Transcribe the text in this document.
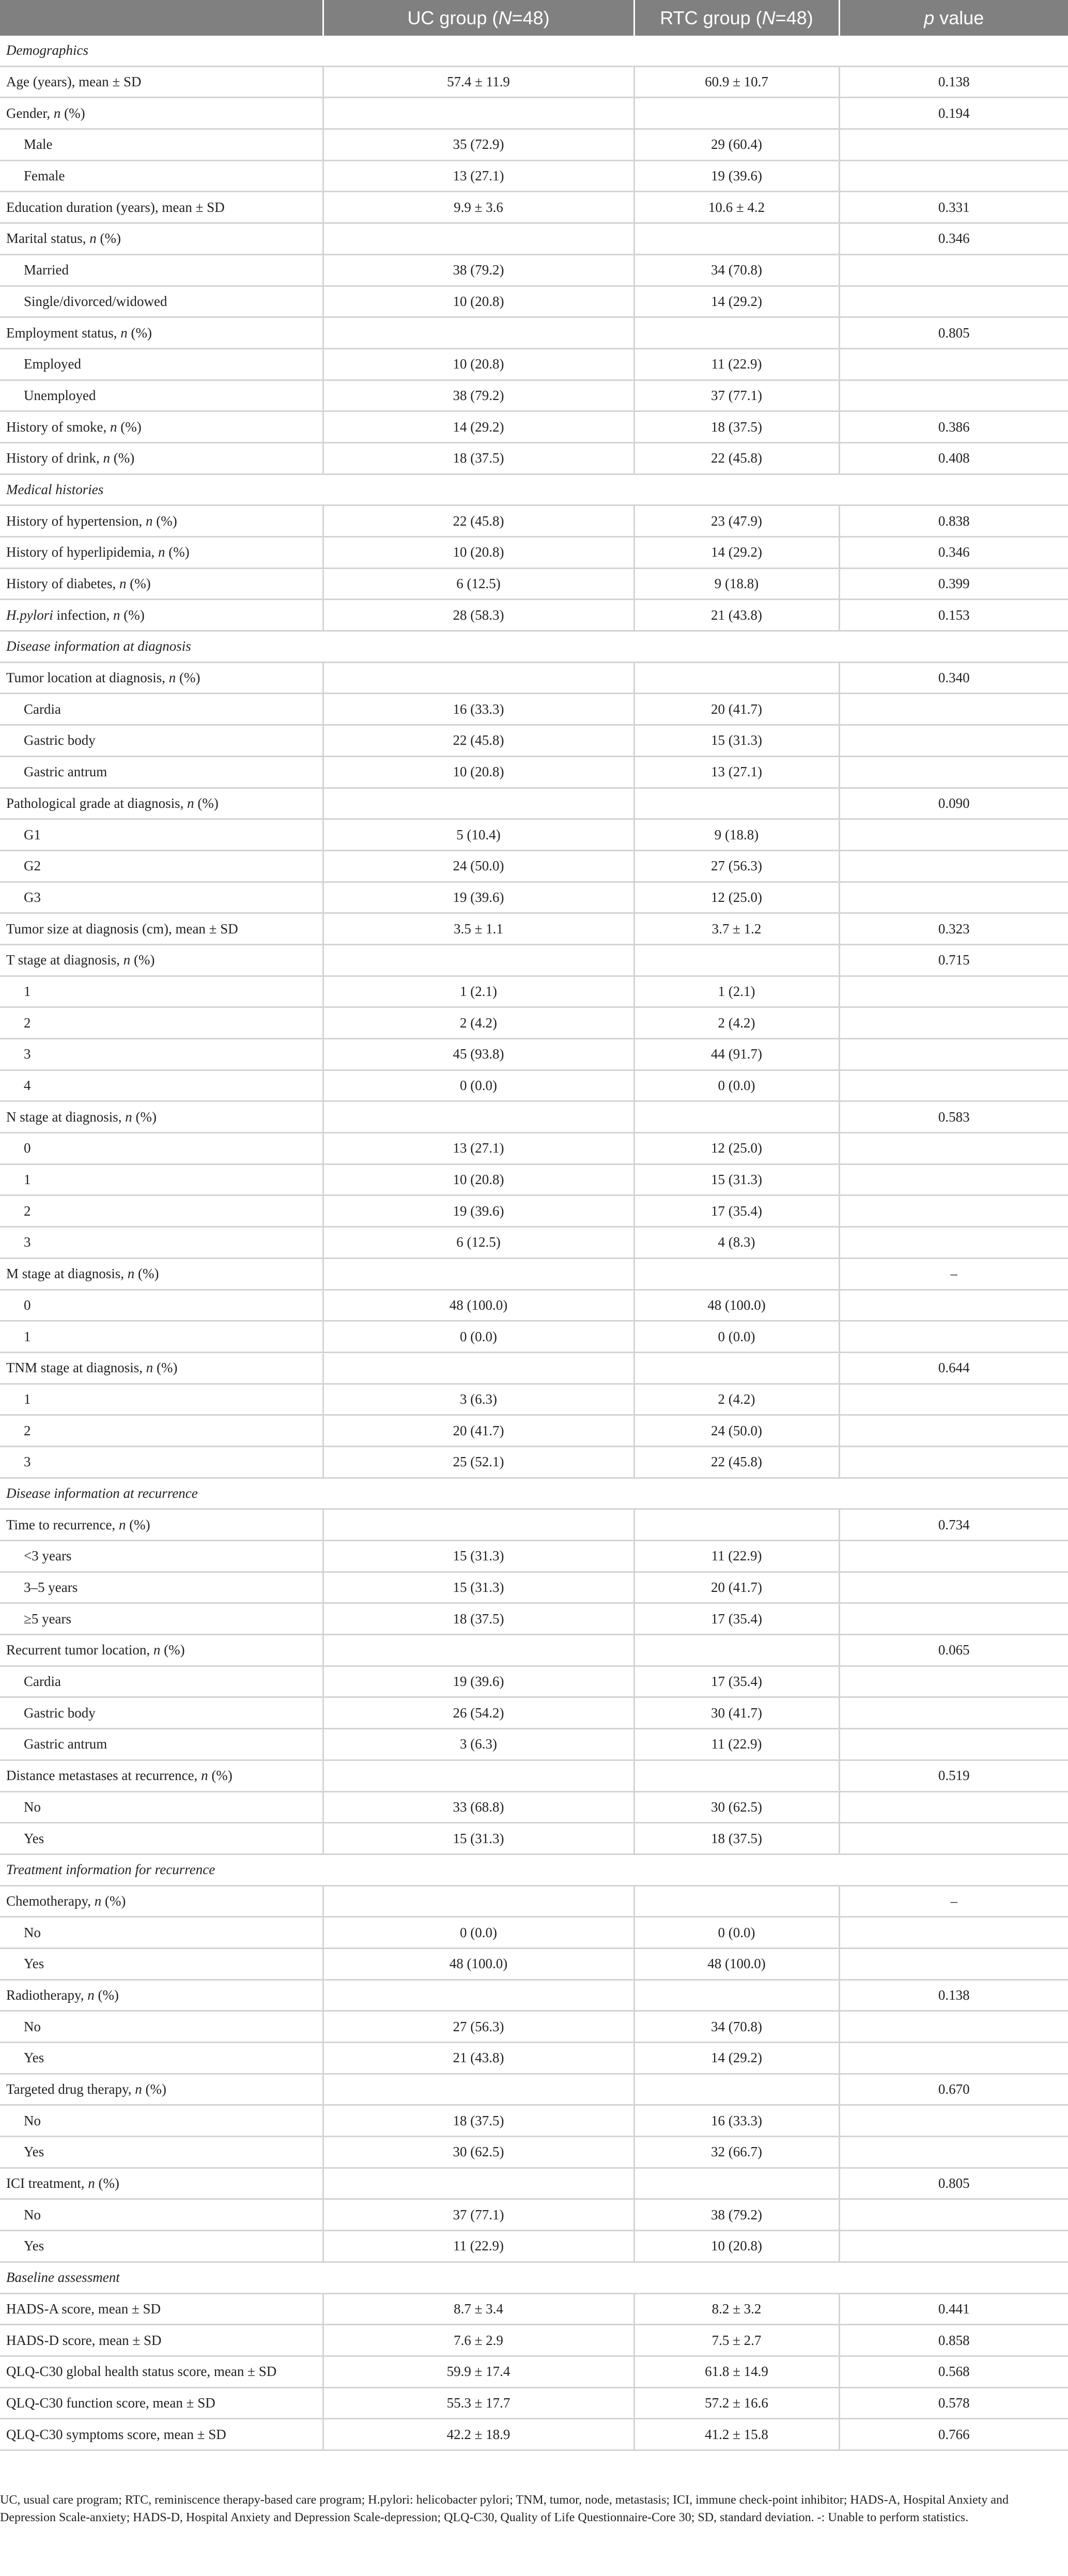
	UC group (N=48)	RTC group (N=48)	p value
Demographics			
Age (years), mean ± SD	57.4 ± 11.9	60.9 ± 10.7	0.138
Gender, n (%)			0.194
Male	35 (72.9)	29 (60.4)	
Female	13 (27.1)	19 (39.6)	
Education duration (years), mean ± SD	9.9 ± 3.6	10.6 ± 4.2	0.331
Marital status, n (%)			0.346
Married	38 (79.2)	34 (70.8)	
Single/divorced/widowed	10 (20.8)	14 (29.2)	
Employment status, n (%)			0.805
Employed	10 (20.8)	11 (22.9)	
Unemployed	38 (79.2)	37 (77.1)	
History of smoke, n (%)	14 (29.2)	18 (37.5)	0.386
History of drink, n (%)	18 (37.5)	22 (45.8)	0.408
Medical histories			
History of hypertension, n (%)	22 (45.8)	23 (47.9)	0.838
History of hyperlipidemia, n (%)	10 (20.8)	14 (29.2)	0.346
History of diabetes, n (%)	6 (12.5)	9 (18.8)	0.399
H.pylori infection, n (%)	28 (58.3)	21 (43.8)	0.153
Disease information at diagnosis			
Tumor location at diagnosis, n (%)			0.340
Cardia	16 (33.3)	20 (41.7)	
Gastric body	22 (45.8)	15 (31.3)	
Gastric antrum	10 (20.8)	13 (27.1)	
Pathological grade at diagnosis, n (%)			0.090
G1	5 (10.4)	9 (18.8)	
G2	24 (50.0)	27 (56.3)	
G3	19 (39.6)	12 (25.0)	
Tumor size at diagnosis (cm), mean ± SD	3.5 ± 1.1	3.7 ± 1.2	0.323
T stage at diagnosis, n (%)			0.715
1	1 (2.1)	1 (2.1)	
2	2 (4.2)	2 (4.2)	
3	45 (93.8)	44 (91.7)	
4	0 (0.0)	0 (0.0)	
N stage at diagnosis, n (%)			0.583
0	13 (27.1)	12 (25.0)	
1	10 (20.8)	15 (31.3)	
2	19 (39.6)	17 (35.4)	
3	6 (12.5)	4 (8.3)	
M stage at diagnosis, n (%)			–
0	48 (100.0)	48 (100.0)	
1	0 (0.0)	0 (0.0)	
TNM stage at diagnosis, n (%)			0.644
1	3 (6.3)	2 (4.2)	
2	20 (41.7)	24 (50.0)	
3	25 (52.1)	22 (45.8)	
Disease information at recurrence			
Time to recurrence, n (%)			0.734
<3 years	15 (31.3)	11 (22.9)	
3–5 years	15 (31.3)	20 (41.7)	
≥5 years	18 (37.5)	17 (35.4)	
Recurrent tumor location, n (%)			0.065
Cardia	19 (39.6)	17 (35.4)	
Gastric body	26 (54.2)	30 (41.7)	
Gastric antrum	3 (6.3)	11 (22.9)	
Distance metastases at recurrence, n (%)			0.519
No	33 (68.8)	30 (62.5)	
Yes	15 (31.3)	18 (37.5)	
Treatment information for recurrence			
Chemotherapy, n (%)			–
No	0 (0.0)	0 (0.0)	
Yes	48 (100.0)	48 (100.0)	
Radiotherapy, n (%)			0.138
No	27 (56.3)	34 (70.8)	
Yes	21 (43.8)	14 (29.2)	
Targeted drug therapy, n (%)			0.670
No	18 (37.5)	16 (33.3)	
Yes	30 (62.5)	32 (66.7)	
ICI treatment, n (%)			0.805
No	37 (77.1)	38 (79.2)	
Yes	11 (22.9)	10 (20.8)	
Baseline assessment			
HADS-A score, mean ± SD	8.7 ± 3.4	8.2 ± 3.2	0.441
HADS-D score, mean ± SD	7.6 ± 2.9	7.5 ± 2.7	0.858
QLQ-C30 global health status score, mean ± SD	59.9 ± 17.4	61.8 ± 14.9	0.568
QLQ-C30 function score, mean ± SD	55.3 ± 17.7	57.2 ± 16.6	0.578
QLQ-C30 symptoms score, mean ± SD	42.2 ± 18.9	41.2 ± 15.8	0.766
UC, usual care program; RTC, reminiscence therapy-based care program; H.pylori: helicobacter pylori; TNM, tumor, node, metastasis; ICI, immune check-point inhibitor; HADS-A, Hospital Anxiety and Depression Scale-anxiety; HADS-D, Hospital Anxiety and Depression Scale-depression; QLQ-C30, Quality of Life Questionnaire-Core 30; SD, standard deviation. -: Unable to perform statistics.
